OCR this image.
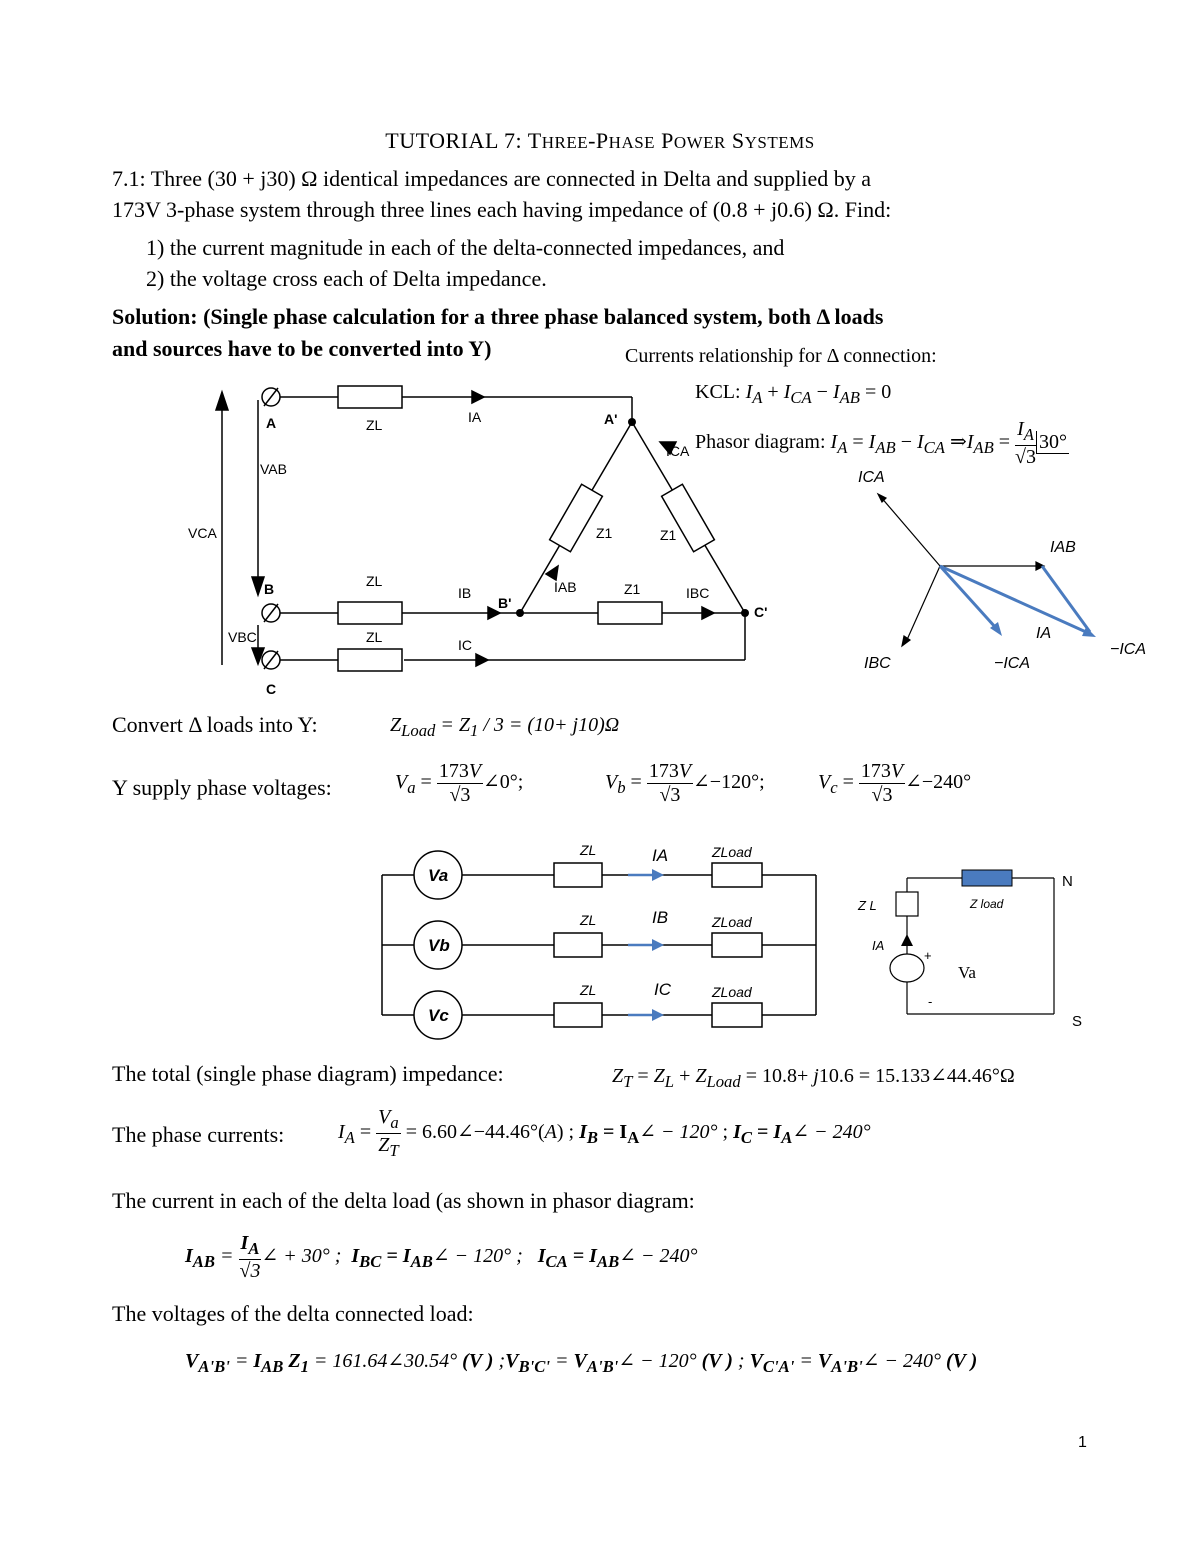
TUTORIAL 7: THREE-PHASE POWER SYSTEMS
7.1: Three (30 + j30) Ω identical impedances are connected in Delta and supplied by a
173V 3-phase system through three lines each having impedance of (0.8 + j0.6) Ω. Find:
1) the current magnitude in each of the delta-connected impedances, and
2) the voltage cross each of Delta impedance.
Solution: (Single phase calculation for a three phase balanced system, both Δ loads
and sources have to be converted into Y)	Currents relationship for Δ connection:
KCL: $I_A + I_{CA} - I_{AB} = 0$
Phasor diagram: $I_A = I_{AB} - I_{CA}$ $\Rightarrow I_{AB} = \frac{I_A}{√3} 30^\circ$
A
B
C
A'
B'
C'
VAB
VBC
VCA
ZL
ZL
ZL
IA
IB
IC
ICA
IAB	IBC
Z1	Z1
Z1
ICA
IAB
IA
IBC	−ICA
−ICA
Convert Δ loads into Y:	$Z_{Load} = Z_1 / 3 = (10+ j10)\Omega$
Y supply phase voltages:	$V_a = \frac{173V}{√3}$ ∠0°;	$V_b = \frac{173V}{√3}$ ∠−120°;	$V_c = \frac{173V}{√3}$ ∠−240°
Va
Vb
Vc
ZL
ZL
ZL
ZLoad
ZLoad
ZLoad
IA
IB
IC
Z L	Z load
IA
+
-
Va
N
S
The total (single phase diagram) impedance:	$Z_T = Z_L + Z_{Load} = 10.8+ j10.6$ = 15.133∠44.46°Ω
The phase currents:	$I_A = \frac{V_a}{Z_T}$ = 6.60∠−44.46°(A) ; $I_B$ = $I_A\angle - 120^\circ$ ; $I_C$ = $I_A\angle - 240^\circ$
The current in each of the delta load (as shown in phasor diagram:
$I_{AB} = \frac{I_A}{√3}$ ∠ + 30° ;  $I_{BC}$ = $I_{AB}\angle - 120^\circ$ ;   $I_{CA}$ = $I_{AB}\angle - 240^\circ$
The voltages of the delta connected load:
$V_{A'B'} = I_{AB}$ $Z_1$ = 161.64∠30.54° (V ) $;V_{B'C'}$ = $V_{A'B'}\angle - 120^\circ$ (V ) ; $V_{C'A'}$ = $V_{A'B'}\angle - 240^\circ$ (V )
1
